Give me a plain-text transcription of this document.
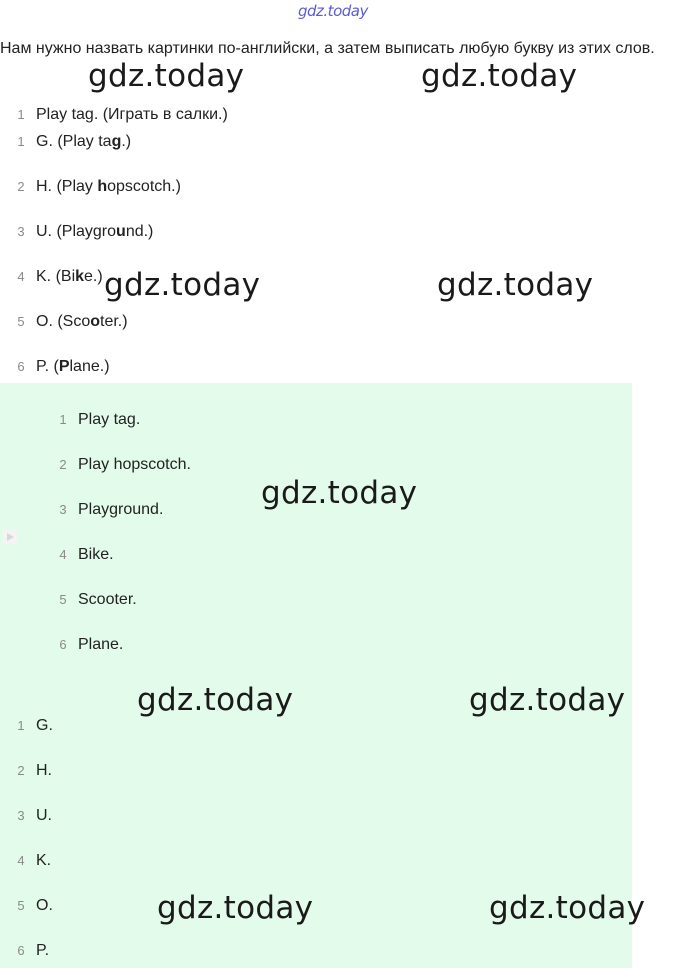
gdz.today
Нам нужно назвать картинки по-английски, а затем выписать любую букву из этих слов.
1 Play tag. (Играть в салки.)
1 G. (Play tag.)
2 H. (Play hopscotch.)
3 U. (Playground.)
4 K. (Bike.)
5 O. (Scooter.)
6 P. (Plane.)
1 Play tag.
2 Play hopscotch.
3 Playground.
4 Bike.
5 Scooter.
6 Plane.
1 G.
2 H.
3 U.
4 K.
5 O.
6 P.
gdz.today	gdz.today
gdz.today	gdz.today
gdz.today
gdz.today	gdz.today
gdz.today	gdz.today
